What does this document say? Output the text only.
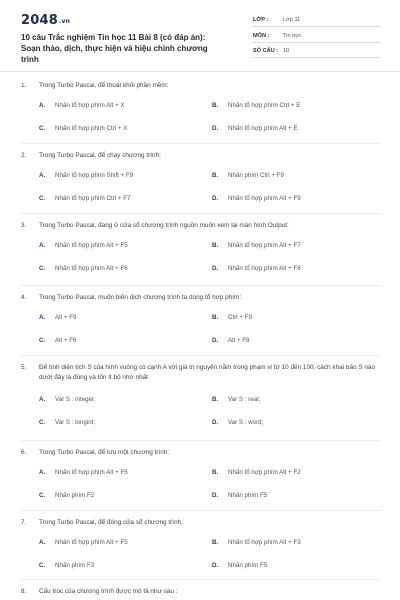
2048.vn
10 câu Trắc nghiệm Tin học 11 Bài 8 (có đáp án): Soạn thảo, dịch, thực hiện và hiệu chỉnh chương trình
LỚP :	Lớp 11
MÔN : Tin học
SỐ CÂU : 10
1.	Trong Turbo Pascal, để thoát khỏi phần mềm:
A. Nhấn tổ hợp phím Alt + X	B. Nhấn tổ hợp phím Ctrl + E
C. Nhấn tổ hợp phím Ctrl + X	D. Nhấn tổ hợp phím Alt + E
2.	Trong Turbo Pascal, để chạy chương trình:
A. Nhấn tổ hợp phím Shift + F9	B. Nhấn phím Ctrl + F9
C. Nhấn tổ hợp phím Ctrl + F7	D. Nhấn tổ hợp phím Alt + F9
3.	Trong Turbo Pascal, đang ở cửa sổ chương trình nguồn muốn xem lại màn hình Output:
A. Nhấn tổ hợp phím Alt + F5	B. Nhấn tổ hợp phím Alt + F7
C. Nhấn tổ hợp phím Alt + F6	D. Nhấn tổ hợp phím Alt + F8
4.	Trong Turbo Pascal, muốn biên dịch chương trình ta dùng tổ hợp phím:
A. Alt + F9	B. Ctrl + F9
C. Alt + F6	D. Alt + F8
5.	Để tính diện tích S của hình vuông có cạnh A với giá trị nguyên nằm trong phạm vi từ 10 đến 100, cách khai báo S nào dưới đây là đúng và tốn ít bộ nhớ nhất
A. Var S : integer;	B. Var S : real;
C. Var S : longint;	D. Var S : word;
6.	Trong Turbo Pascal, để lưu một chương trình:
A. Nhấn tổ hợp phím Alt + F5	B. Nhấn tổ hợp phím Alt + F2
C. Nhấn phím F2	D. Nhấn phím F5
7.	Trong Turbo Pascal, để đóng cửa sổ chương trình:
A. Nhấn tổ hợp phím Alt + F5	B. Nhấn tổ hợp phím Alt + F3
C. Nhấn phím F3	D. Nhấn phím F5
8.	Cấu trúc của chương trình được mô tả như sau :
